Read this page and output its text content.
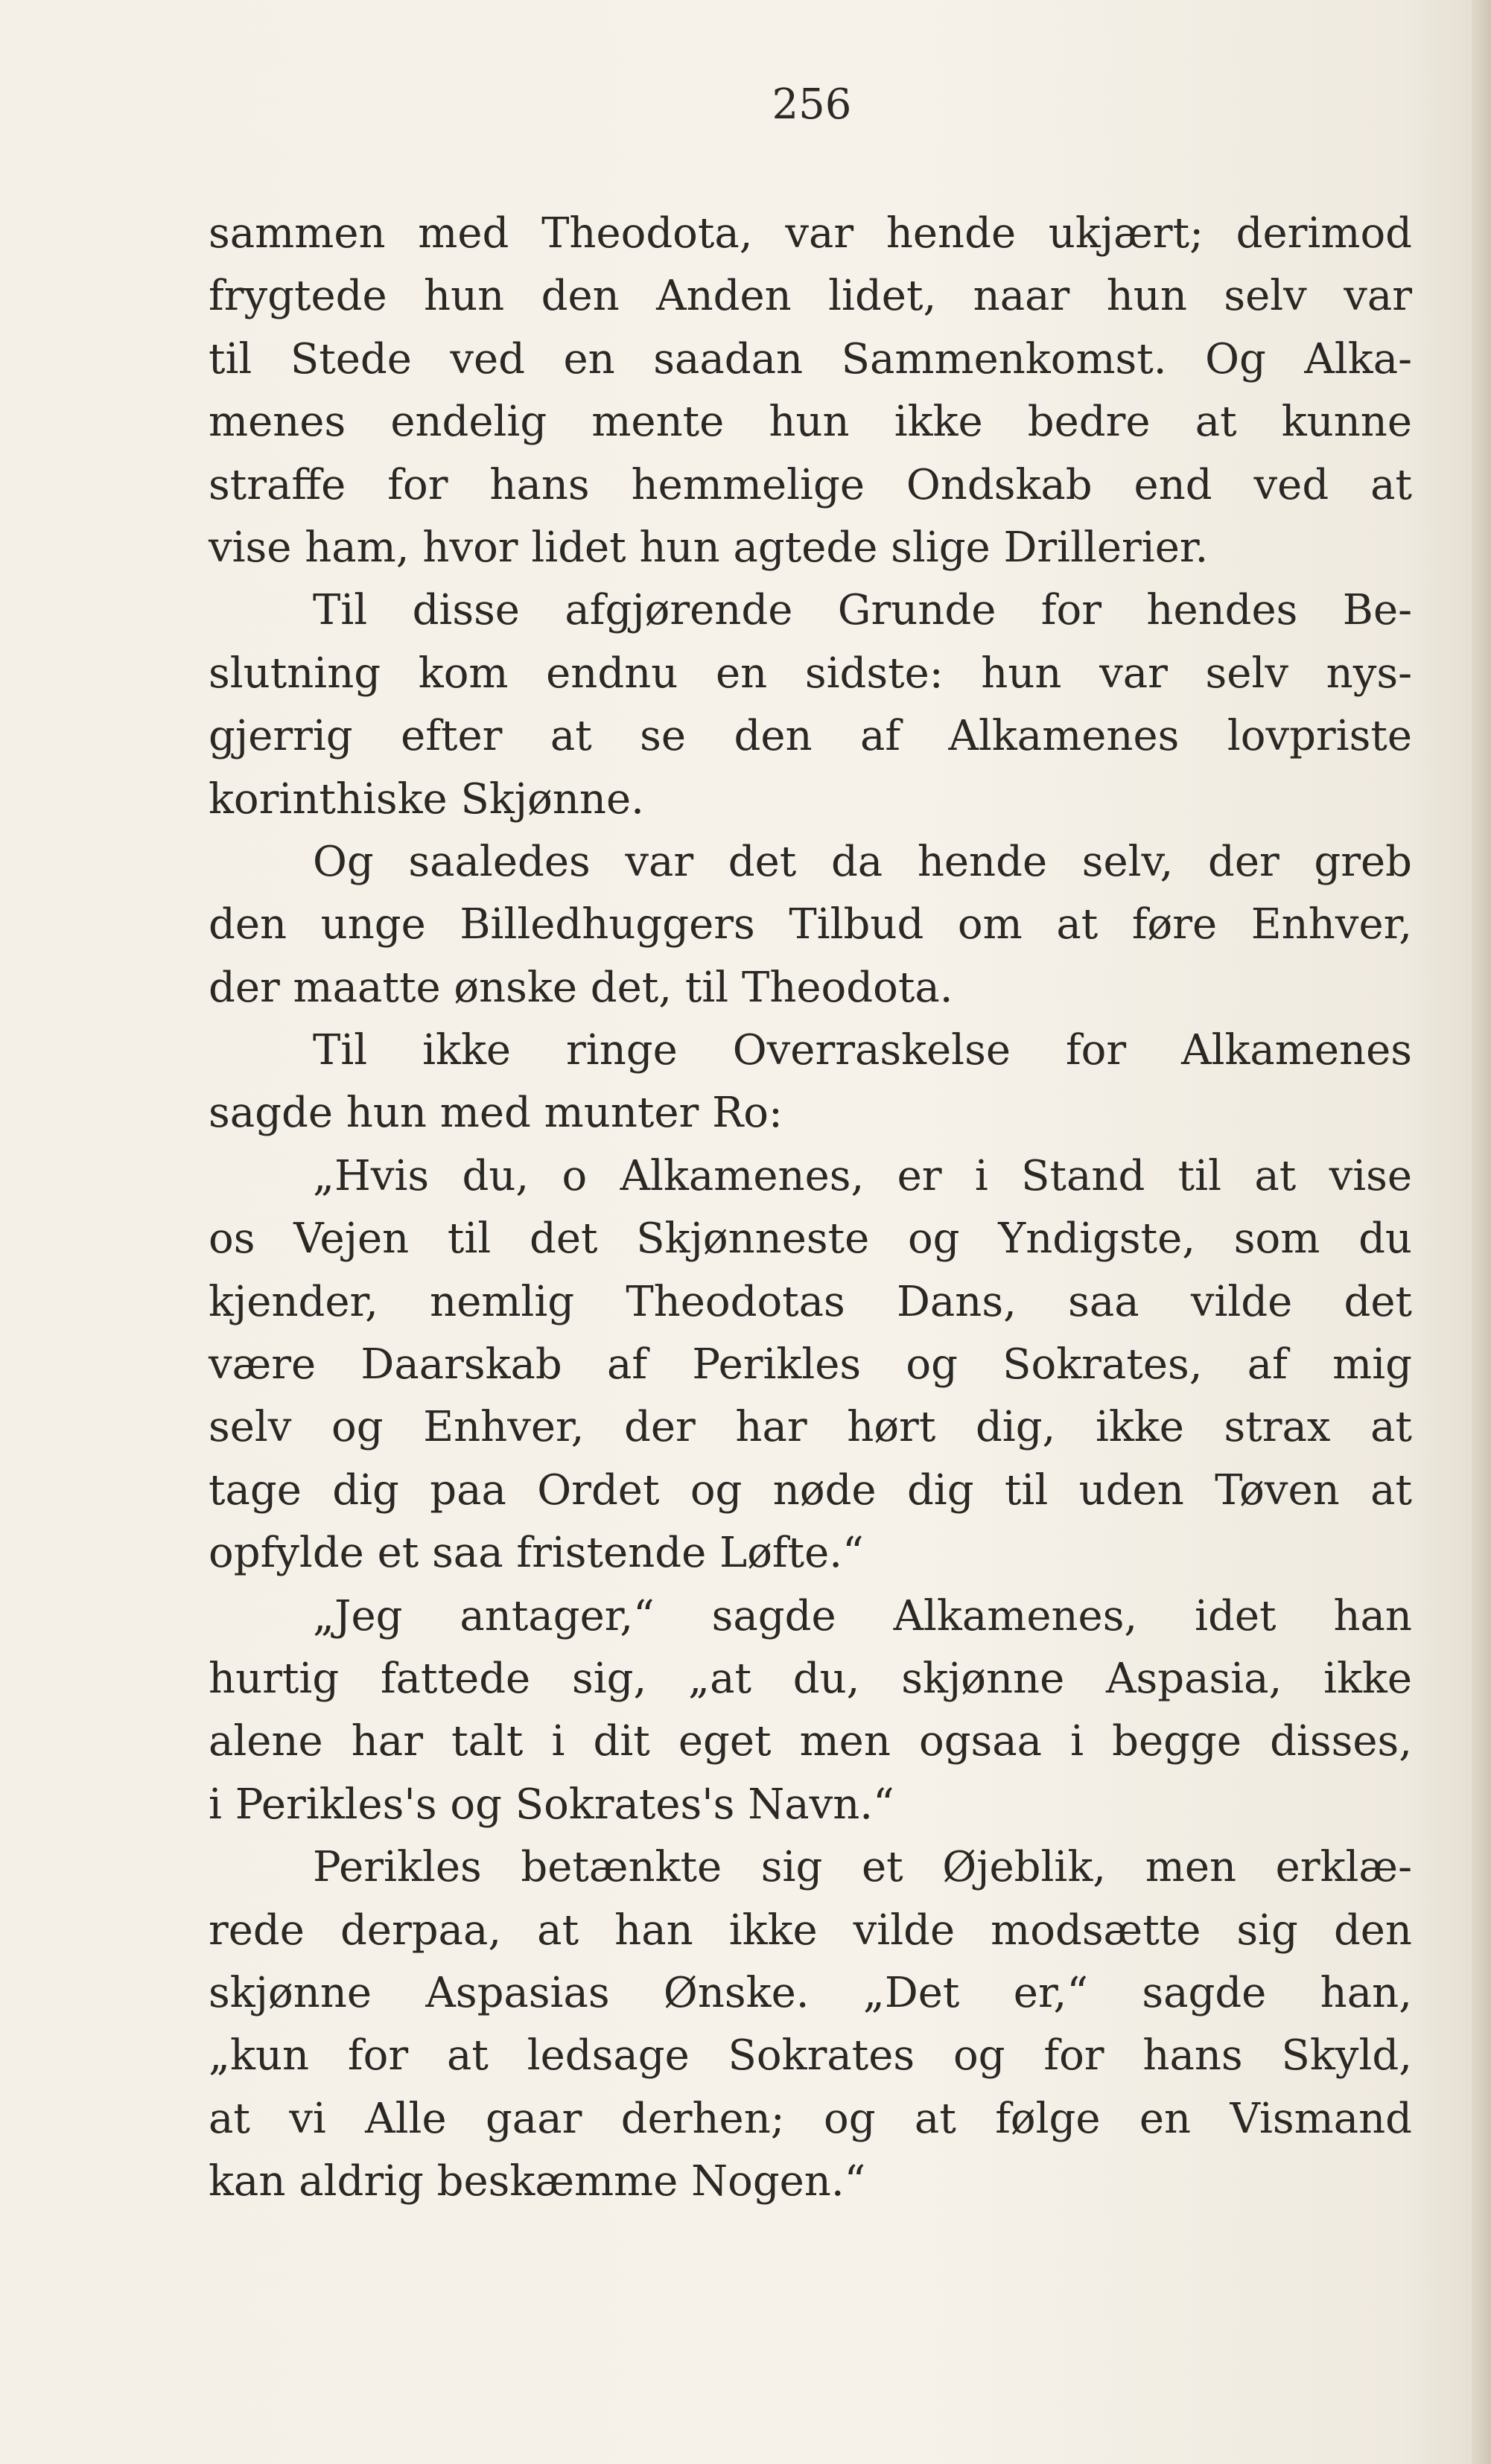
256

sammen med Theodota, var hende ukjært; derimod
frygtede hun den Anden lidet, naar hun selv var
til Stede ved en saadan Sammenkomst. Og Alka-
menes endelig mente hun ikke bedre at kunne
straffe for hans hemmelige Ondskab end ved at
vise ham, hvor lidet hun agtede slige Drillerier.
Til disse afgjørende Grunde for hendes Be-
slutning kom endnu en sidste: hun var selv nys-
gjerrig efter at se den af Alkamenes lovpriste
korinthiske Skjønne.
Og saaledes var det da hende selv, der greb
den unge Billedhuggers Tilbud om at føre Enhver,
der maatte ønske det, til Theodota.
Til ikke ringe Overraskelse for Alkamenes
sagde hun med munter Ro:
„Hvis du, o Alkamenes, er i Stand til at vise
os Vejen til det Skjønneste og Yndigste, som du
kjender, nemlig Theodotas Dans, saa vilde det
være Daarskab af Perikles og Sokrates, af mig
selv og Enhver, der har hørt dig, ikke strax at
tage dig paa Ordet og nøde dig til uden Tøven at
opfylde et saa fristende Løfte.“
„Jeg antager,“ sagde Alkamenes, idet han
hurtig fattede sig, „at du, skjønne Aspasia, ikke
alene har talt i dit eget men ogsaa i begge disses,
i Perikles's og Sokrates's Navn.“
Perikles betænkte sig et Øjeblik, men erklæ-
rede derpaa, at han ikke vilde modsætte sig den
skjønne Aspasias Ønske. „Det er,“ sagde han,
„kun for at ledsage Sokrates og for hans Skyld,
at vi Alle gaar derhen; og at følge en Vismand
kan aldrig beskæmme Nogen.“
